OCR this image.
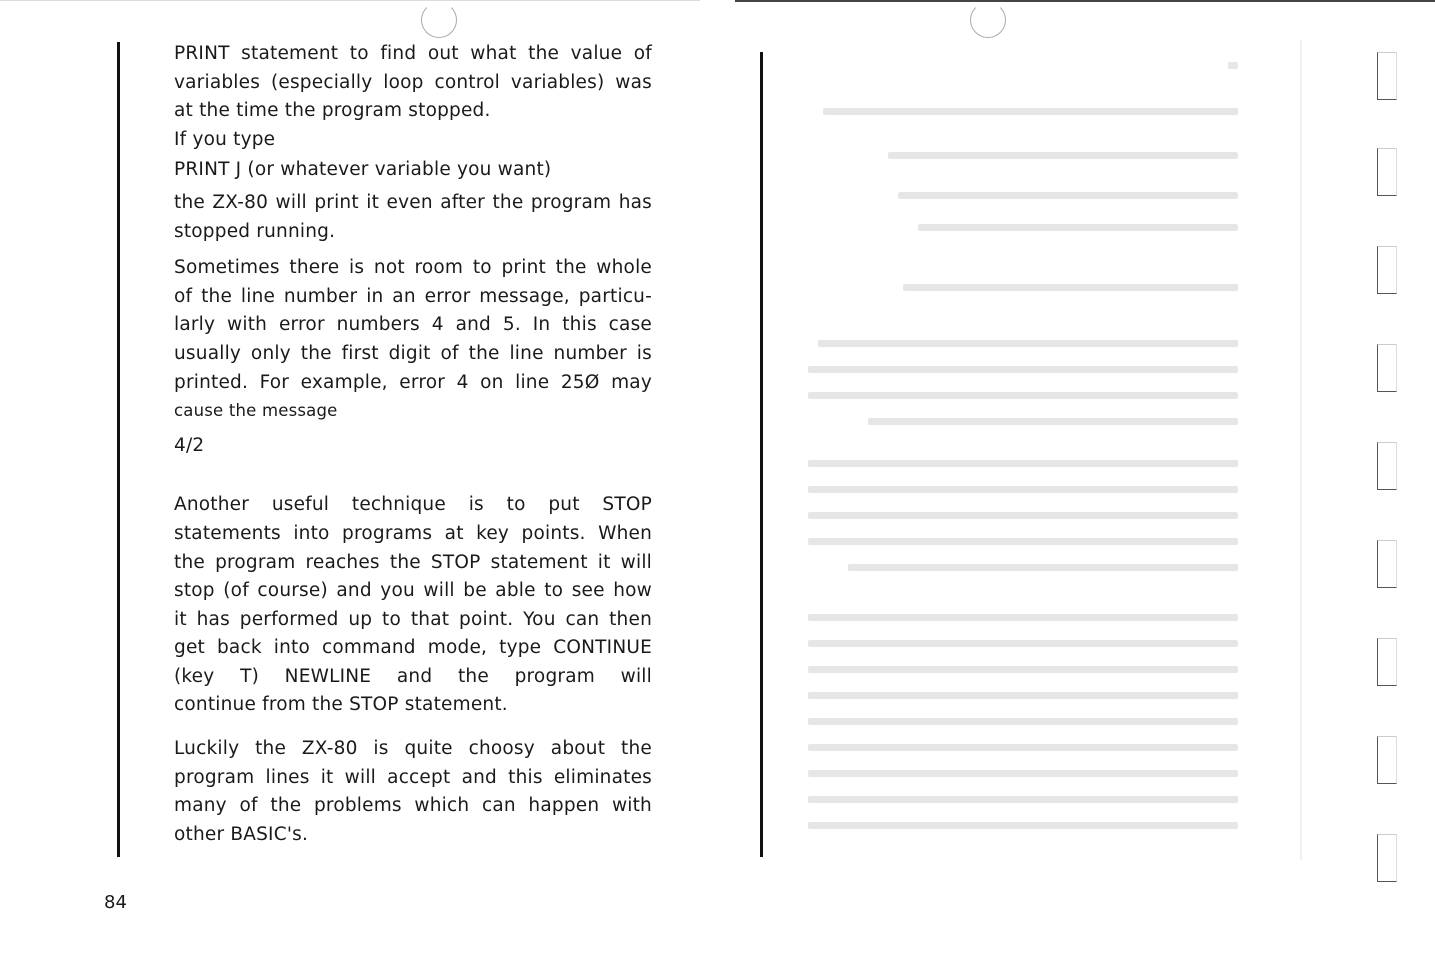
PRINT statement to find out what the value of
variables (especially loop control variables) was
at the time the program stopped.
If you type
PRINT J (or whatever variable you want)
the ZX-80 will print it even after the program has
stopped running.
Sometimes there is not room to print the whole
of the line number in an error message, particu-
larly with error numbers 4 and 5. In this case
usually only the first digit of the line number is
printed. For example, error 4 on line 25Ø may
cause the message
4/2
Another useful technique is to put STOP
statements into programs at key points. When
the program reaches the STOP statement it will
stop (of course) and you will be able to see how
it has performed up to that point. You can then
get back into command mode, type CONTINUE
(key T) NEWLINE and the program will
continue from the STOP statement.
Luckily the ZX-80 is quite choosy about the
program lines it will accept and this eliminates
many of the problems which can happen with
other BASIC's.
84
